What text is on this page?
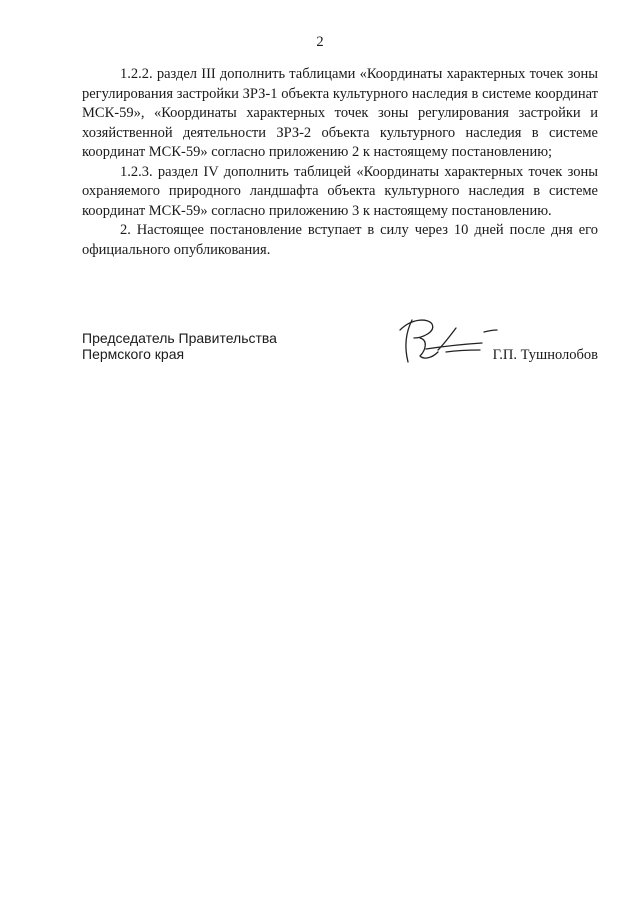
2

1.2.2. раздел III дополнить таблицами «Координаты характерных точек зоны регулирования застройки ЗРЗ-1 объекта культурного наследия в системе координат МСК-59», «Координаты характерных точек зоны регулирования застройки и хозяйственной деятельности ЗРЗ-2 объекта культурного наследия в системе координат МСК-59» согласно приложению 2 к настоящему постановлению;

1.2.3. раздел IV дополнить таблицей «Координаты характерных точек зоны охраняемого природного ландшафта объекта культурного наследия в системе координат МСК-59» согласно приложению 3 к настоящему постановлению.

2. Настоящее постановление вступает в силу через 10 дней после дня его официального опубликования.

Председатель Правительства
Пермского края	Г.П. Тушнолобов
